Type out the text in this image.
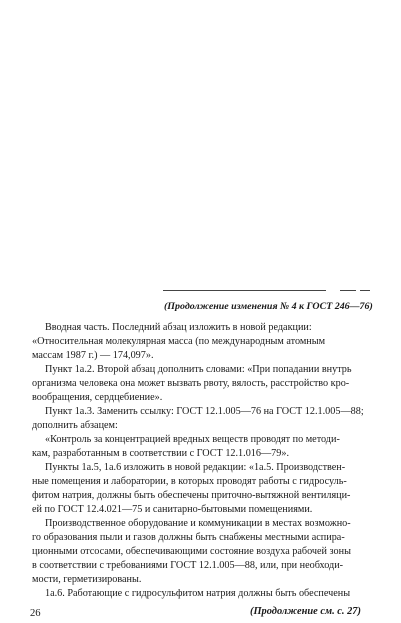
(Продолжение изменения № 4 к ГОСТ 246—76)
Вводная часть. Последний абзац изложить в новой редакции:
«Относительная молекулярная масса (по международным атомным
массам 1987 г.) — 174,097».
Пункт 1а.2. Второй абзац дополнить словами: «При попадании внутрь
организма человека она может вызвать рвоту, вялость, расстройство кро-
вообращения, сердцебиение».
Пункт 1а.3. Заменить ссылку: ГОСТ 12.1.005—76 на ГОСТ 12.1.005—88;
дополнить абзацем:
«Контроль за концентрацией вредных веществ проводят по методи-
кам, разработанным в соответствии с ГОСТ 12.1.016—79».
Пункты 1а.5, 1а.6 изложить в новой редакции: «1а.5. Производствен-
ные помещения и лаборатории, в которых проводят работы с гидросуль-
фитом натрия, должны быть обеспечены приточно-вытяжной вентиляци-
ей по ГОСТ 12.4.021—75 и санитарно-бытовыми помещениями.
Производственное оборудование и коммуникации в местах возможно-
го образования пыли и газов должны быть снабжены местными аспира-
ционными отсосами, обеспечивающими состояние воздуха рабочей зоны
в соответствии с требованиями ГОСТ 12.1.005—88, или, при необходи-
мости, герметизированы.
1а.6. Работающие с гидросульфитом натрия должны быть обеспечены
(Продолжение см. с. 27)
26
